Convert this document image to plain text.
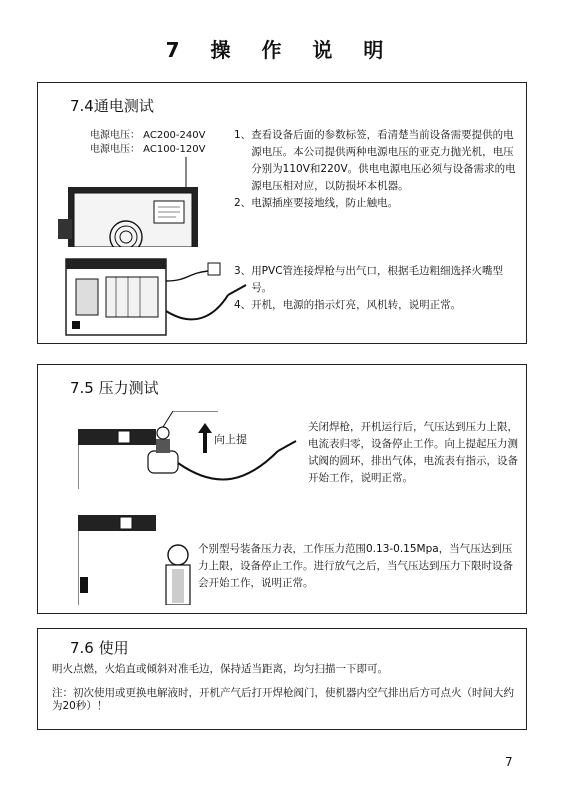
7 操 作 说 明
7.4通电测试
电源电压： AC200-240V
电源电压： AC100-120V
1、 查看设备后面的参数标签，看清楚当前设备需要提供的电源电压。本公司提供两种电源电压的亚克力抛光机，电压分别为110V和220V。供电电源电压必须与设备需求的电源电压相对应，以防损坏本机器。
2、 电源插座要接地线，防止触电。
3、 用PVC管连接焊枪与出气口，根据毛边粗细选择火嘴型号。
4、 开机，电源的指示灯亮，风机转，说明正常。
7.5 压力测试
向上提
关闭焊枪，开机运行后，气压达到压力上限，电流表归零，设备停止工作。向上提起压力测试阀的圆环，排出气体，电流表有指示，设备开始工作，说明正常。
个别型号装备压力表，工作压力范围0.13-0.15Mpa，当气压达到压力上限，设备停止工作。进行放气之后，当气压达到压力下限时设备会开始工作，说明正常。
7.6 使用
明火点燃，火焰直或倾斜对准毛边，保持适当距离，均匀扫描一下即可。
注：初次使用或更换电解液时，开机产气后打开焊枪阀门，使机器内空气排出后方可点火（时间大约为20秒）！
7
